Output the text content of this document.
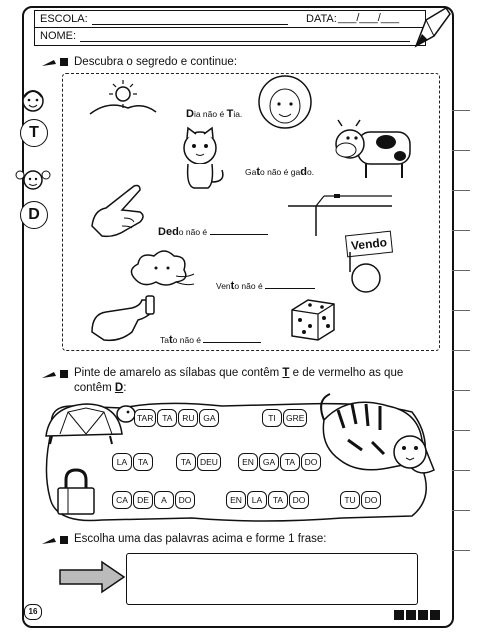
ESCOLA:	DATA: ___/___/___
NOME:
T
D
Descubra o segredo e continue:
Dia não é Tia.
Gato não é gado.
Dedo não é
Vento não é
Vendo
Tato não é
Pinte de amarelo as sílabas que contêm T e de vermelho as que
contêm D:
TAR TA RU GA	TI GRE
LA TA	TA DEU	EN GA TA DO
CA DE A DO	EN LA TA DO	TU DO
Escolha uma das palavras acima e forme 1 frase:
16
